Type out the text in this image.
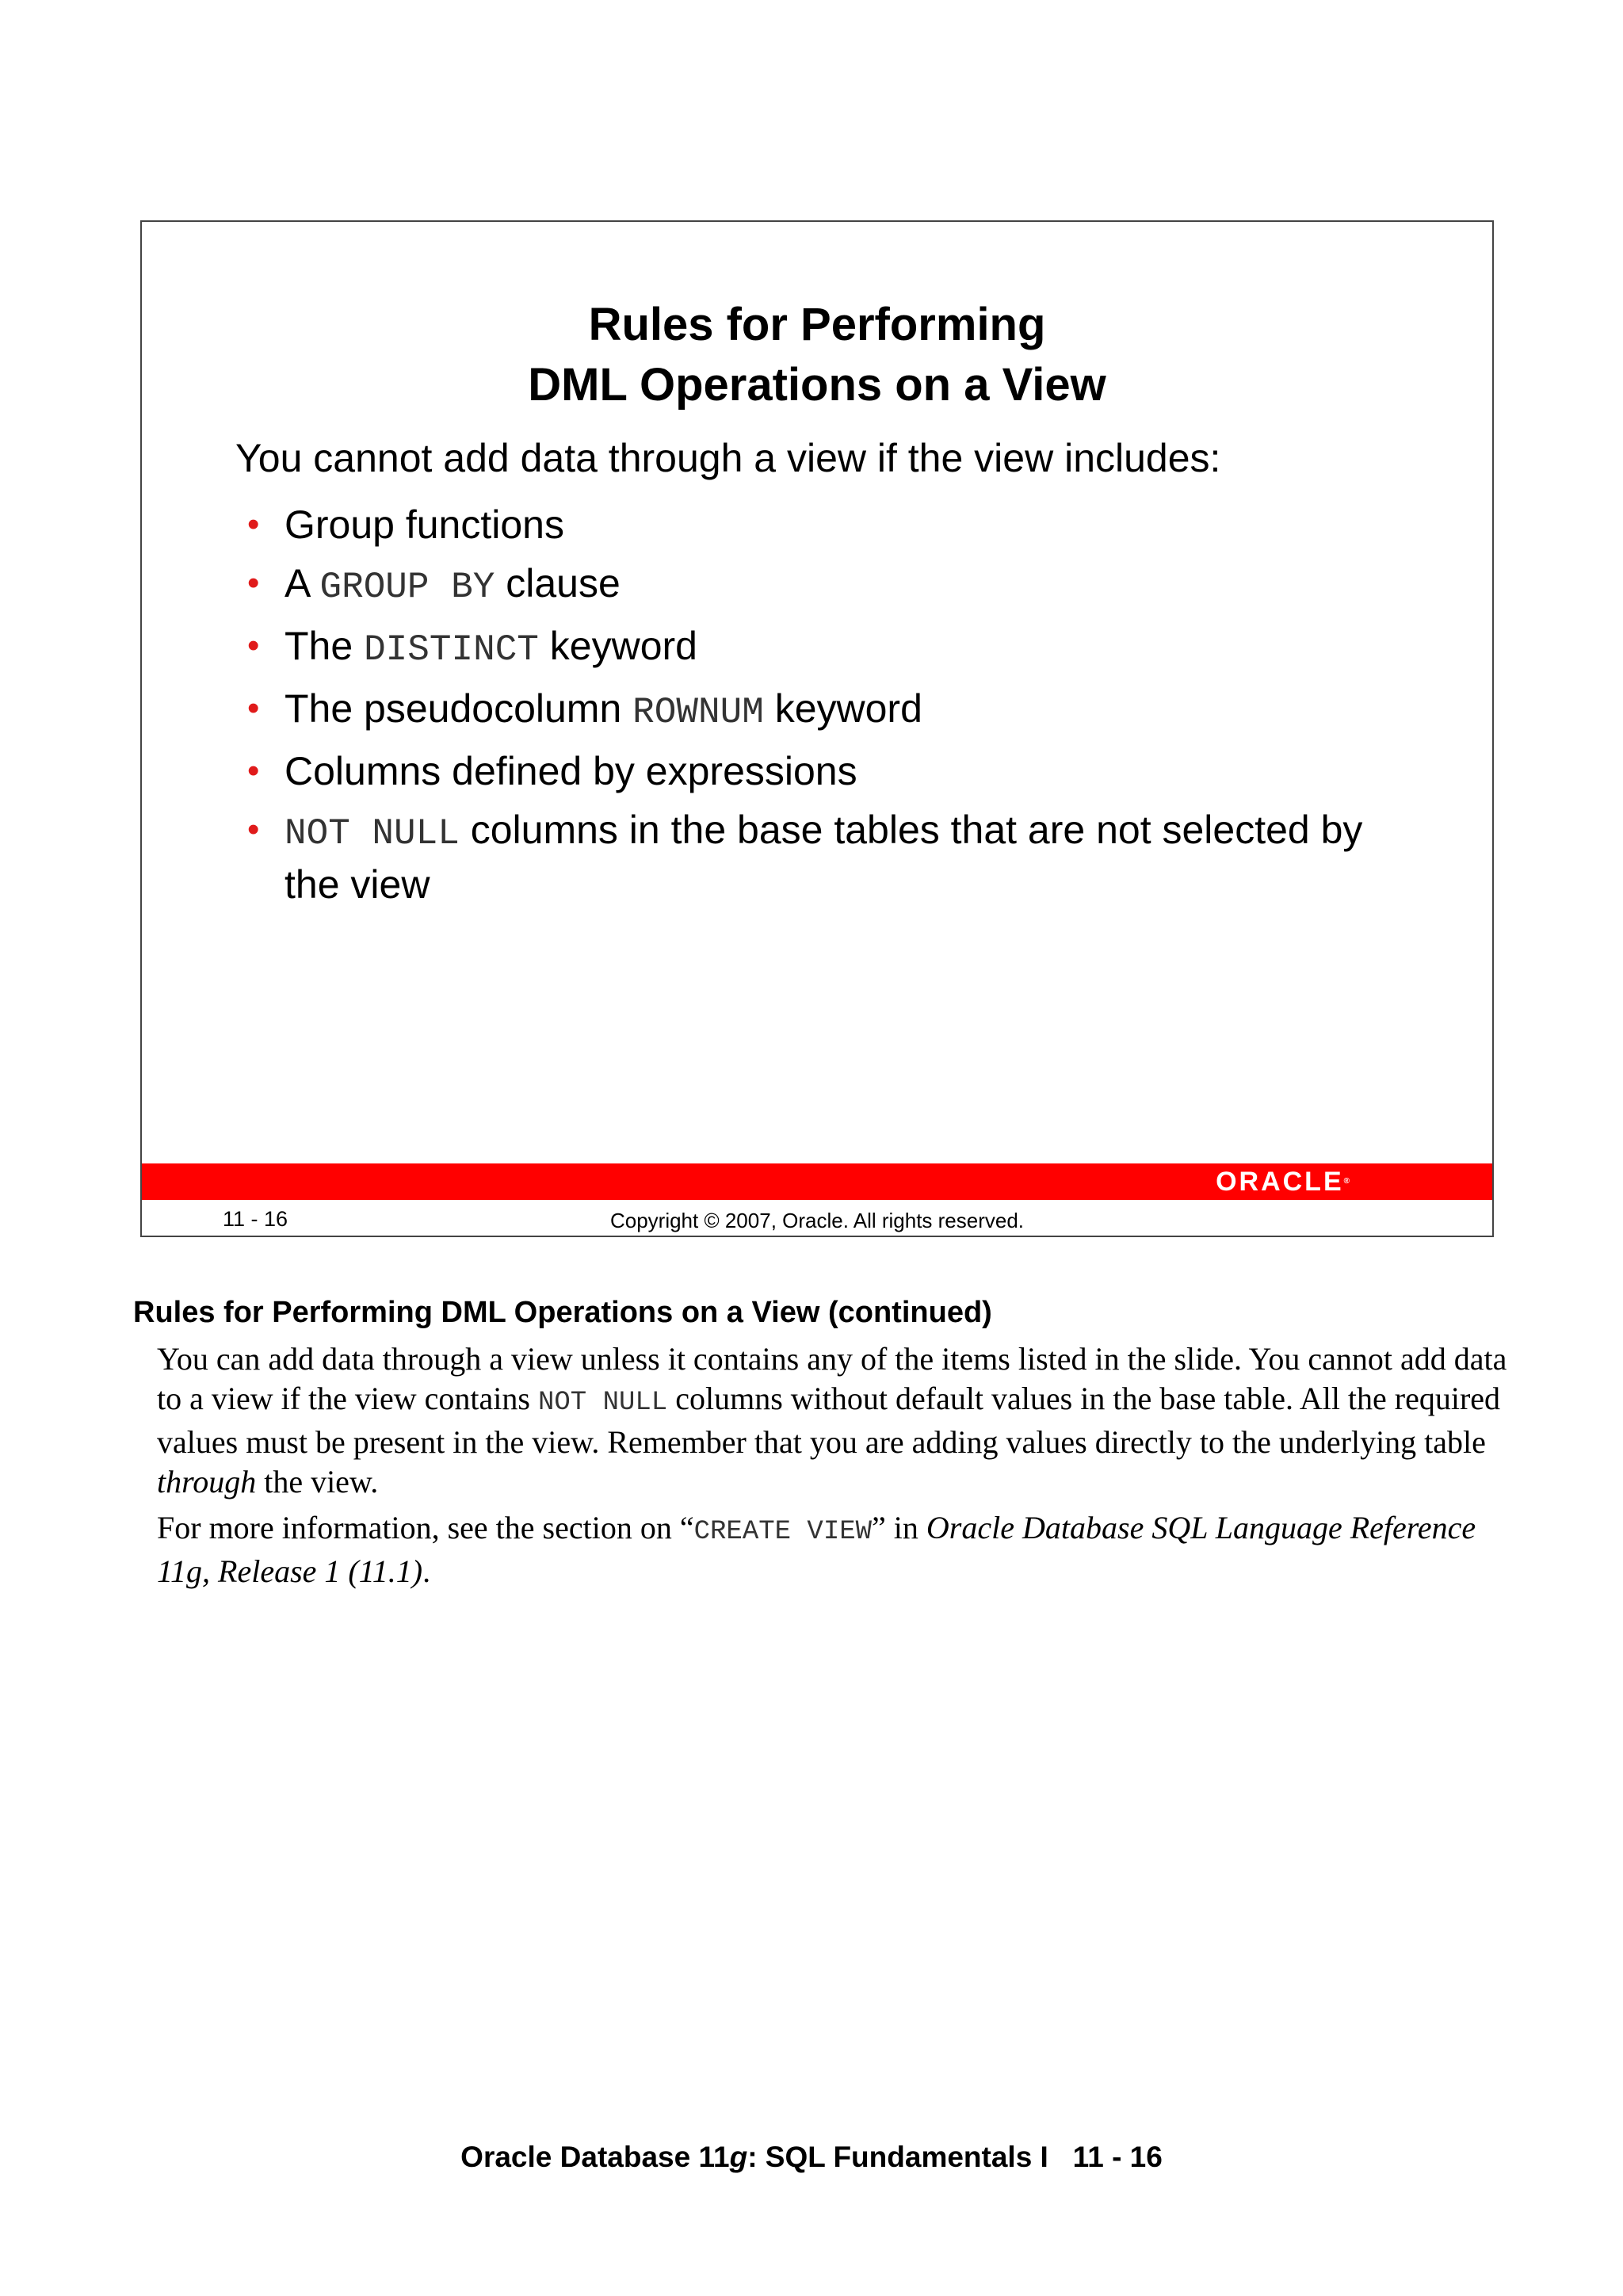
Rules for Performing
DML Operations on a View
You cannot add data through a view if the view includes:
• Group functions
• A GROUP BY clause
• The DISTINCT keyword
• The pseudocolumn ROWNUM keyword
• Columns defined by expressions
• NOT NULL columns in the base tables that are not selected by the view
ORACLE®
11 - 16	Copyright © 2007, Oracle. All rights reserved.
Rules for Performing DML Operations on a View (continued)

You can add data through a view unless it contains any of the items listed in the slide. You cannot add data to a view if the view contains NOT NULL columns without default values in the base table. All the required values must be present in the view. Remember that you are adding values directly to the underlying table through the view.

For more information, see the section on “CREATE VIEW” in Oracle Database SQL Language Reference 11g, Release 1 (11.1).

Oracle Database 11g: SQL Fundamentals I   11 - 16
